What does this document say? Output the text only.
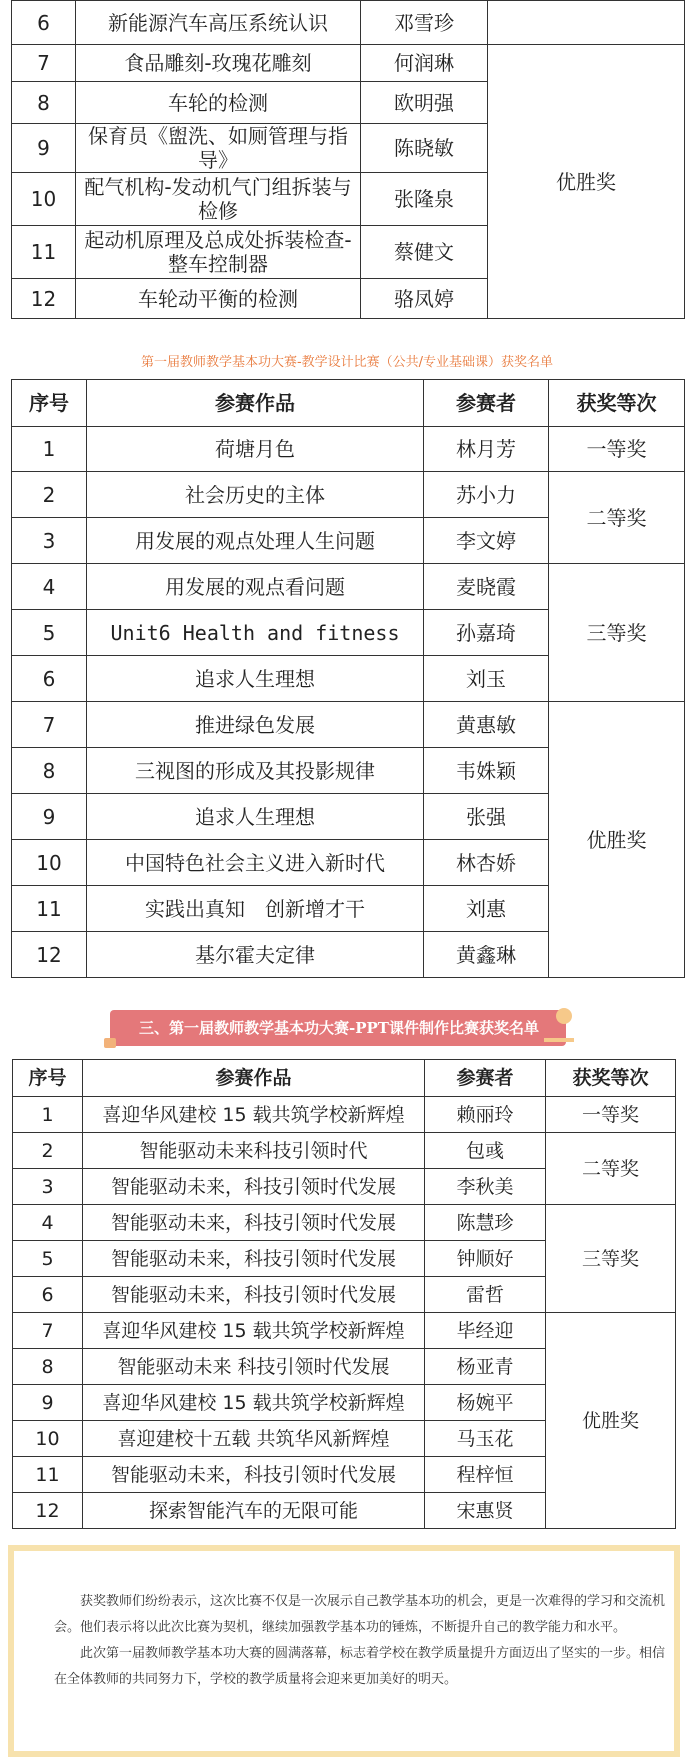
6	新能源汽车高压系统认识	邓雪珍	
7	食品雕刻-玫瑰花雕刻	何润琳	优胜奖
8	车轮的检测	欧明强	
9	保育员《盥洗、如厕管理与指导》	陈晓敏	
10	配气机构-发动机气门组拆装与检修	张隆泉	
11	起动机原理及总成处拆装检查-整车控制器	蔡健文	
12	车轮动平衡的检测	骆凤婷	
第一届教师教学基本功大赛-教学设计比赛（公共/专业基础课）获奖名单
序号	参赛作品	参赛者	获奖等次
1	荷塘月色	林月芳	一等奖
2	社会历史的主体	苏小力	二等奖
3	用发展的观点处理人生问题	李文婷	
4	用发展的观点看问题	麦晓霞	三等奖
5	Unit6 Health and fitness	孙嘉琦	
6	追求人生理想	刘玉	
7	推进绿色发展	黄惠敏	优胜奖
8	三视图的形成及其投影规律	韦姝颖	
9	追求人生理想	张强	
10	中国特色社会主义进入新时代	林杏娇	
11	实践出真知　创新增才干	刘惠	
12	基尔霍夫定律	黄鑫琳	
三、第一届教师教学基本功大赛-PPT课件制作比赛获奖名单
序号	参赛作品	参赛者	获奖等次
1	喜迎华风建校 15 载共筑学校新辉煌	赖丽玲	一等奖
2	智能驱动未来科技引领时代	包彧	二等奖
3	智能驱动未来，科技引领时代发展	李秋美	
4	智能驱动未来，科技引领时代发展	陈慧珍	三等奖
5	智能驱动未来，科技引领时代发展	钟顺好	
6	智能驱动未来，科技引领时代发展	雷哲	
7	喜迎华风建校 15 载共筑学校新辉煌	毕经迎	优胜奖
8	智能驱动未来 科技引领时代发展	杨亚青	
9	喜迎华风建校 15 载共筑学校新辉煌	杨婉平	
10	喜迎建校十五载 共筑华风新辉煌	马玉花	
11	智能驱动未来，科技引领时代发展	程梓恒	
12	探索智能汽车的无限可能	宋惠贤	

获奖教师们纷纷表示，这次比赛不仅是一次展示自己教学基本功的机会，更是一次难得的学习和交流机会。他们表示将以此次比赛为契机，继续加强教学基本功的锤炼，不断提升自己的教学能力和水平。

此次第一届教师教学基本功大赛的圆满落幕，标志着学校在教学质量提升方面迈出了坚实的一步。相信在全体教师的共同努力下，学校的教学质量将会迎来更加美好的明天。
